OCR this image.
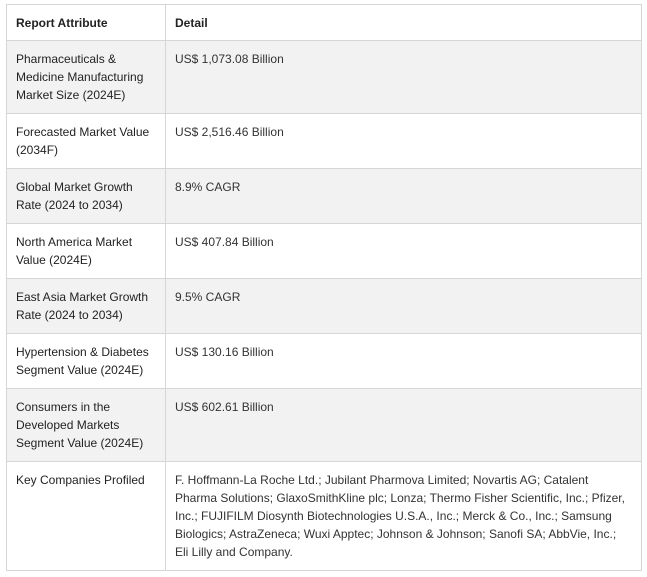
Report Attribute	Detail
Pharmaceuticals & Medicine Manufacturing Market Size (2024E)	US$ 1,073.08 Billion
Forecasted Market Value (2034F)	US$ 2,516.46 Billion
Global Market Growth Rate (2024 to 2034)	8.9% CAGR
North America Market Value (2024E)	US$ 407.84 Billion
East Asia Market Growth Rate (2024 to 2034)	9.5% CAGR
Hypertension & Diabetes Segment Value (2024E)	US$ 130.16 Billion
Consumers in the Developed Markets Segment Value (2024E)	US$ 602.61 Billion
Key Companies Profiled	F. Hoffmann-La Roche Ltd.; Jubilant Pharmova Limited; Novartis AG; Catalent Pharma Solutions; GlaxoSmithKline plc; Lonza; Thermo Fisher Scientific, Inc.; Pfizer, Inc.; FUJIFILM Diosynth Biotechnologies U.S.A., Inc.; Merck & Co., Inc.; Samsung Biologics; AstraZeneca; Wuxi Apptec; Johnson & Johnson; Sanofi SA; AbbVie, Inc.; Eli Lilly and Company.
